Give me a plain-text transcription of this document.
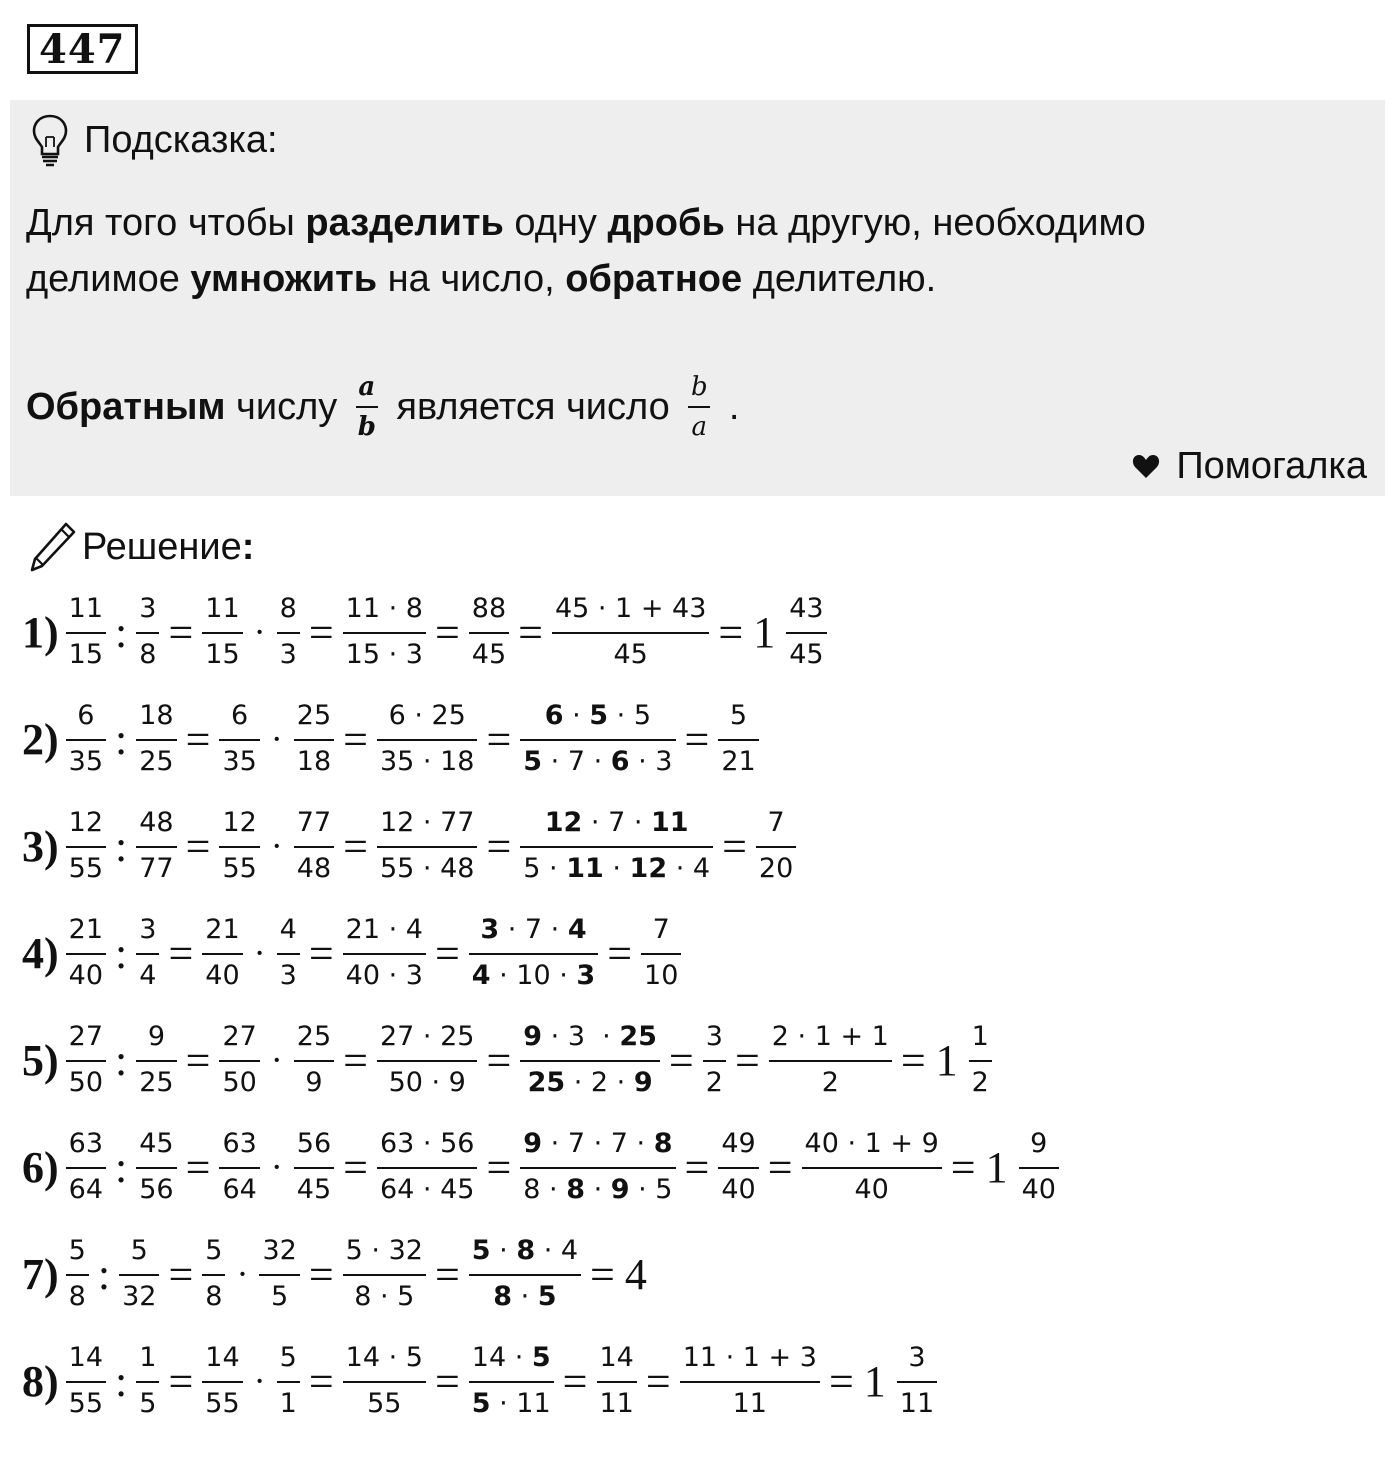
447
Подсказка:
Для того чтобы разделить одну дробь на другую, необходимо
делимое умножить на число, обратное делителю.
Обратным числу $\frac{a}{b}$ является число $\frac{b}{a}$ .
Помогалка
Решение:
$1) \frac{11}{15}$ : $\frac{3}{8} = \frac{11}{15} \cdot \frac{8}{3} = \frac{11 \cdot 8}{15 \cdot 3} = \frac{88}{45} = \frac{45 \cdot 1 + 43}{45} = 1 \frac{43}{45}$
$2) \frac{6}{35}$ : $\frac{18}{25} = \frac{6}{35} \cdot \frac{25}{18} = \frac{6 \cdot 25}{35 \cdot 18} = \frac{6 \cdot 5 \cdot 5}{5 \cdot 7 \cdot 6 \cdot 3} = \frac{5}{21}$
$3) \frac{12}{55}$ : $\frac{48}{77} = \frac{12}{55} \cdot \frac{77}{48} = \frac{12 \cdot 77}{55 \cdot 48} = \frac{12 \cdot 7 \cdot 11}{5 \cdot 11 \cdot 12 \cdot 4} = \frac{7}{20}$
$4) \frac{21}{40}$ : $\frac{3}{4} = \frac{21}{40} \cdot \frac{4}{3} = \frac{21 \cdot 4}{40 \cdot 3} = \frac{3 \cdot 7 \cdot 4}{4 \cdot 10 \cdot 3} = \frac{7}{10}$
$5) \frac{27}{50}$ : $\frac{9}{25} = \frac{27}{50} \cdot \frac{25}{9} = \frac{27 \cdot 25}{50 \cdot 9} = \frac{9 \cdot 3 \cdot 25}{25 \cdot 2 \cdot 9} = \frac{3}{2} = \frac{2 \cdot 1 + 1}{2} = 1 \frac{1}{2}$
$6) \frac{63}{64}$ : $\frac{45}{56} = \frac{63}{64} \cdot \frac{56}{45} = \frac{63 \cdot 56}{64 \cdot 45} = \frac{9 \cdot 7 \cdot 7 \cdot 8}{8 \cdot 8 \cdot 9 \cdot 5} = \frac{49}{40} = \frac{40 \cdot 1 + 9}{40} = 1 \frac{9}{40}$
$7) \frac{5}{8}$ : $\frac{5}{32} = \frac{5}{8} \cdot \frac{32}{5} = \frac{5 \cdot 32}{8 \cdot 5} = \frac{5 \cdot 8 \cdot 4}{8 \cdot 5} = 4$
$8) \frac{14}{55}$ : $\frac{1}{5} = \frac{14}{55} \cdot \frac{5}{1} = \frac{14 \cdot 5}{55} = \frac{14 \cdot 5}{5 \cdot 11} = \frac{14}{11} = \frac{11 \cdot 1 + 3}{11} = 1 \frac{3}{11}$
